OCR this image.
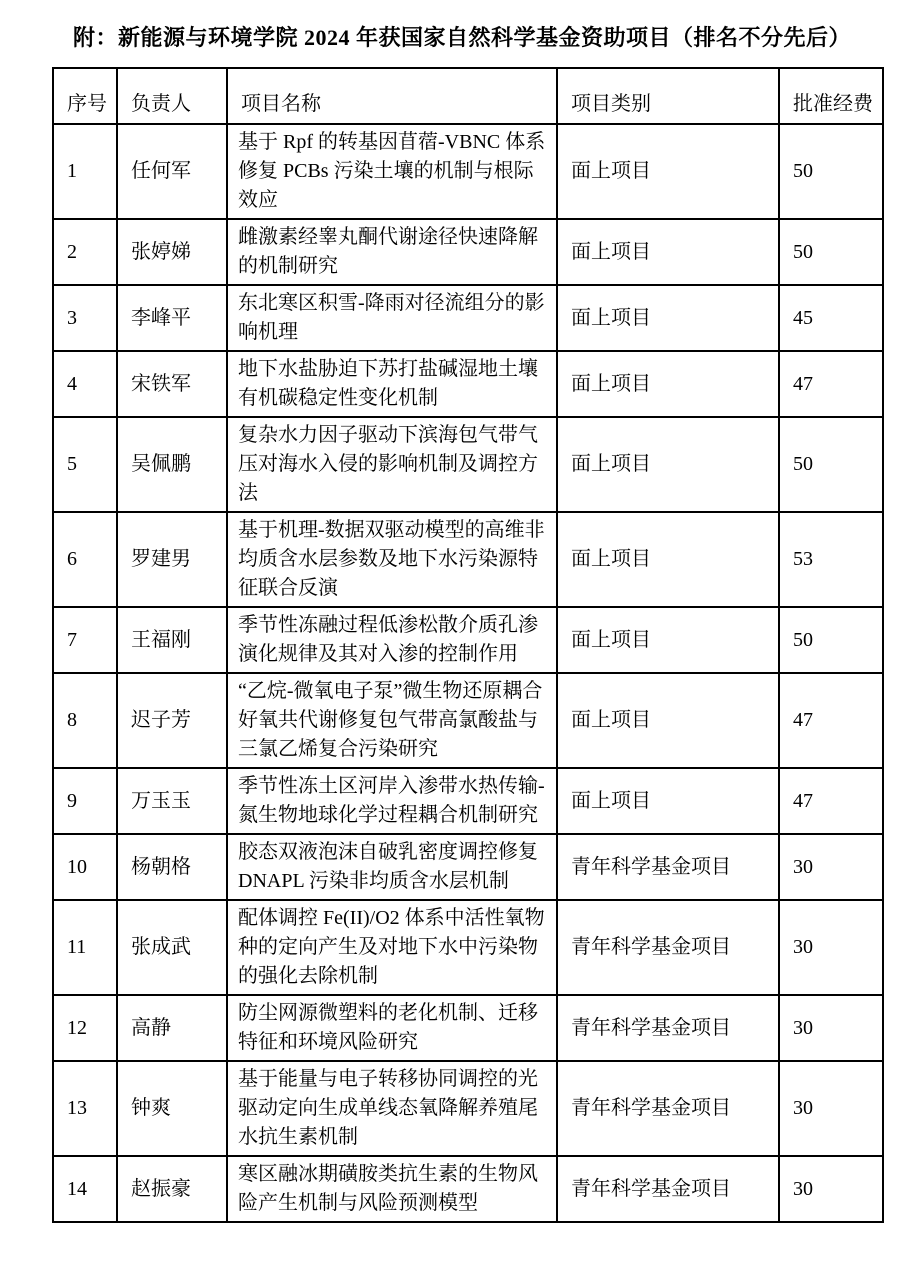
附：新能源与环境学院 2024 年获国家自然科学基金资助项目（排名不分先后）
序号	负责人	项目名称	项目类别	批准经费
1	任何军	基于 Rpf 的转基因苜蓿-VBNC 体系修复 PCBs 污染土壤的机制与根际效应	面上项目	50
2	张婷娣	雌激素经睾丸酮代谢途径快速降解的机制研究	面上项目	50
3	李峰平	东北寒区积雪-降雨对径流组分的影响机理	面上项目	45
4	宋铁军	地下水盐胁迫下苏打盐碱湿地土壤有机碳稳定性变化机制	面上项目	47
5	吴佩鹏	复杂水力因子驱动下滨海包气带气压对海水入侵的影响机制及调控方法	面上项目	50
6	罗建男	基于机理-数据双驱动模型的高维非均质含水层参数及地下水污染源特征联合反演	面上项目	53
7	王福刚	季节性冻融过程低渗松散介质孔渗演化规律及其对入渗的控制作用	面上项目	50
8	迟子芳	“乙烷-微氧电子泵”微生物还原耦合好氧共代谢修复包气带高氯酸盐与三氯乙烯复合污染研究	面上项目	47
9	万玉玉	季节性冻土区河岸入渗带水热传输-氮生物地球化学过程耦合机制研究	面上项目	47
10	杨朝格	胶态双液泡沫自破乳密度调控修复 DNAPL 污染非均质含水层机制	青年科学基金项目	30
11	张成武	配体调控 Fe(II)/O2 体系中活性氧物种的定向产生及对地下水中污染物的强化去除机制	青年科学基金项目	30
12	高静	防尘网源微塑料的老化机制、迁移特征和环境风险研究	青年科学基金项目	30
13	钟爽	基于能量与电子转移协同调控的光驱动定向生成单线态氧降解养殖尾水抗生素机制	青年科学基金项目	30
14	赵振豪	寒区融冰期磺胺类抗生素的生物风险产生机制与风险预测模型	青年科学基金项目	30
